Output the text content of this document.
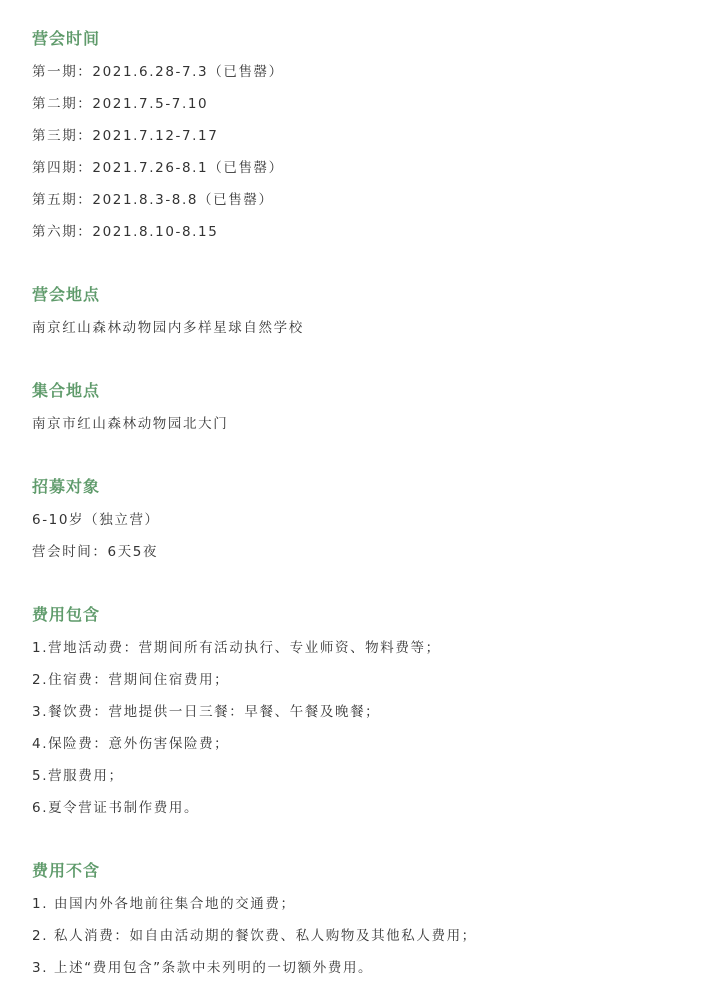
营会时间
第一期：2021.6.28-7.3（已售罄）
第二期：2021.7.5-7.10
第三期：2021.7.12-7.17
第四期：2021.7.26-8.1（已售罄）
第五期：2021.8.3-8.8（已售罄）
第六期：2021.8.10-8.15
营会地点
南京红山森林动物园内多样星球自然学校
集合地点
南京市红山森林动物园北大门
招募对象
6-10岁（独立营）
营会时间：6天5夜
费用包含
1.营地活动费：营期间所有活动执行、专业师资、物料费等；
2.住宿费：营期间住宿费用；
3.餐饮费：营地提供一日三餐：早餐、午餐及晚餐；
4.保险费：意外伤害保险费；
5.营服费用；
6.夏令营证书制作费用。
费用不含
1. 由国内外各地前往集合地的交通费；
2. 私人消费：如自由活动期的餐饮费、私人购物及其他私人费用；
3. 上述“费用包含”条款中未列明的一切额外费用。
